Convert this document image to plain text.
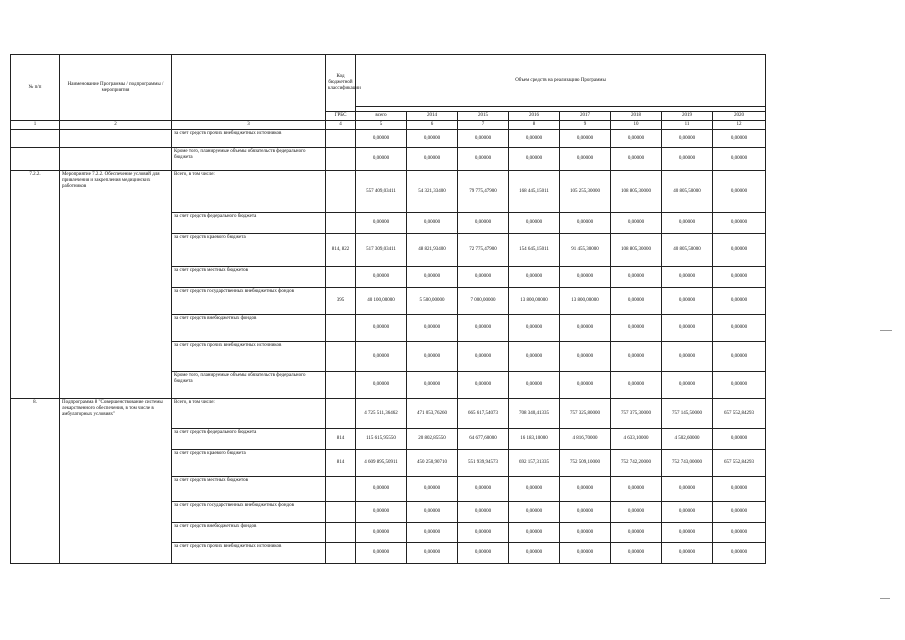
№ п/п	Наименование Программы / подпрограммы / мероприятия		Код бюджетной классификации	Объем средств на реализацию Программы							

			ГРБС	всего	2014	2015	2016	2017	2018	2019	2020
1	2	3	4	5	6	7	8	9	10	11	12
		за счет средств прочих внебюджетных источников		0,00000	0,00000	0,00000	0,00000	0,00000	0,00000	0,00000	0,00000
		Кроме того, планируемые объемы обязательств федерального бюджета		0,00000	0,00000	0,00000	0,00000	0,00000	0,00000	0,00000	0,00000
7.2.2.	Мероприятие 7.2.2. Обеспечение условий для привлечения и закрепления медицинских работников	Всего, в том числе:		557 409,03411	54 321,33400	79 775,47900	168 445,15011	105 255,30000	108 805,30000	40 805,50000	0,00000
		за счет средств федерального бюджета		0,00000	0,00000	0,00000	0,00000	0,00000	0,00000	0,00000	0,00000
		за счет средств краевого бюджета	814, 822	517 309,03411	48 821,93400	72 775,47900	154 645,15011	91 455,30000	108 805,30000	40 805,50000	0,00000
		за счет средств местных бюджетов		0,00000	0,00000	0,00000	0,00000	0,00000	0,00000	0,00000	0,00000
		за счет средств государственных внебюджетных фондов	395	40 100,00000	5 500,00000	7 000,00000	13 800,00000	13 800,00000	0,00000	0,00000	0,00000
		за счет средств внебюджетных фондов		0,00000	0,00000	0,00000	0,00000	0,00000	0,00000	0,00000	0,00000
		за счет средств прочих внебюджетных источников		0,00000	0,00000	0,00000	0,00000	0,00000	0,00000	0,00000	0,00000
		Кроме того, планируемые объемы обязательств федерального бюджета		0,00000	0,00000	0,00000	0,00000	0,00000	0,00000	0,00000	0,00000
8.	Подпрограмма 8 "Совершенствование системы лекарственного обеспечения, в том числе в амбулаторных условиях"	Всего, в том числе:		4 725 511,36462	471 053,76260	665 617,54073	708 340,41335	757 325,80000	757 375,30000	757 145,50000	657 552,84293
		за счет средств федерального бюджета	814	115 615,95550	20 802,85550	64 677,60000	16 183,10000	4 816,70000	4 633,10000	4 502,60000	0,00000
		за счет средств краевого бюджета	814	4 609 895,50911	450 250,90710	551 939,94573	692 157,31335	752 509,10000	752 742,20000	752 743,00000	657 552,84293
		за счет средств местных бюджетов		0,00000	0,00000	0,00000	0,00000	0,00000	0,00000	0,00000	0,00000
		за счет средств государственных внебюджетных фондов		0,00000	0,00000	0,00000	0,00000	0,00000	0,00000	0,00000	0,00000
		за счет средств внебюджетных фондов		0,00000	0,00000	0,00000	0,00000	0,00000	0,00000	0,00000	0,00000
		за счет средств прочих внебюджетных источников		0,00000	0,00000	0,00000	0,00000	0,00000	0,00000	0,00000	0,00000
